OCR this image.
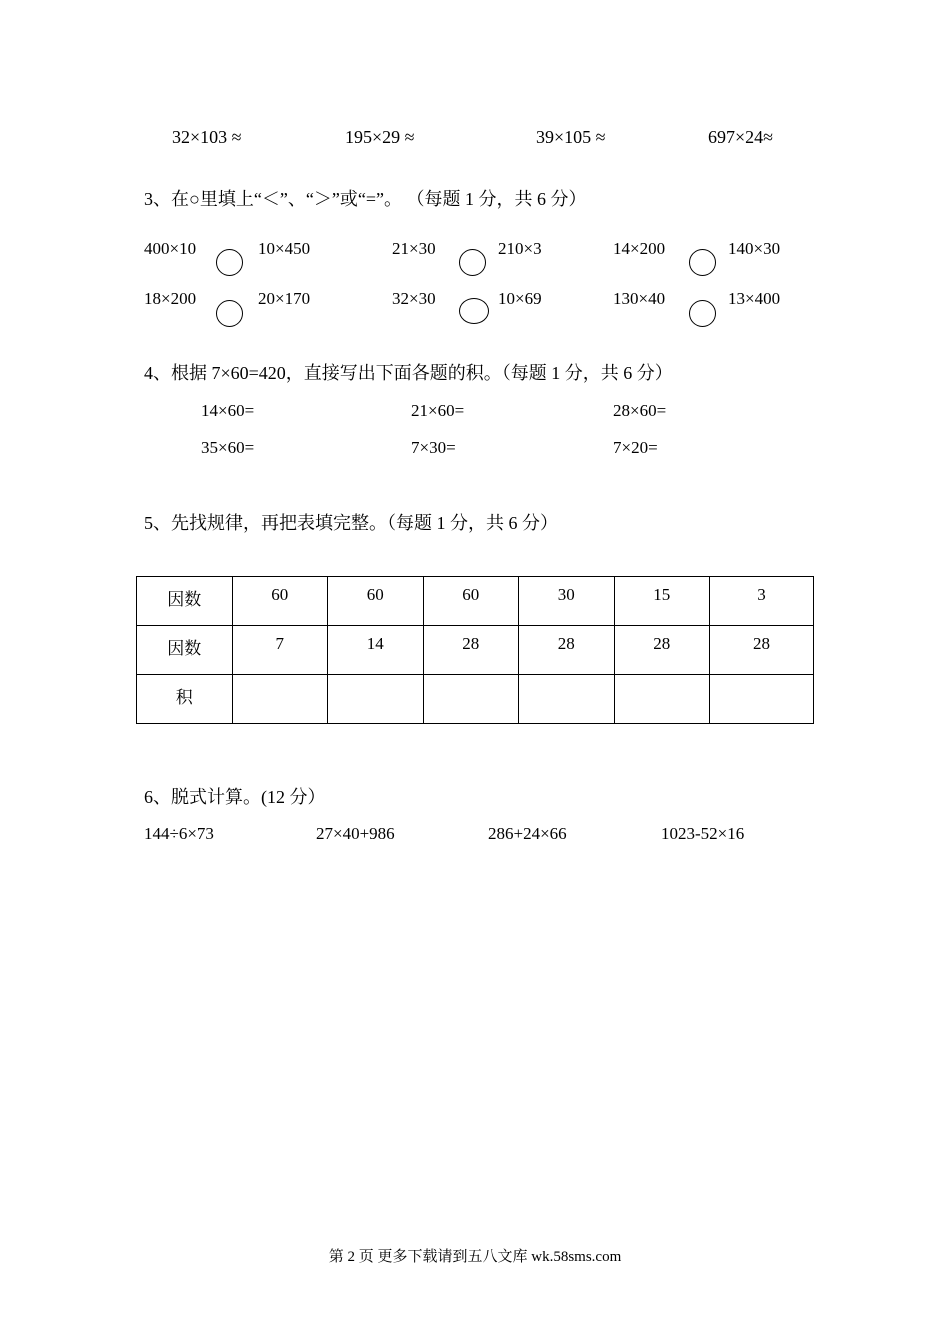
32×103 ≈	195×29 ≈	39×105 ≈	697×24≈
3、在○里填上“＜”、“＞”或“=”。 （每题 1 分，共 6 分）
400×10	10×450	21×30	210×3	14×200	140×30
18×200	20×170	32×30	10×69	130×40	13×400
4、根据 7×60=420，直接写出下面各题的积。（每题 1 分，共 6 分）
14×60=	21×60=	28×60=
35×60=	7×30=	7×20=
5、先找规律，再把表填完整。（每题 1 分，共 6 分）
因数	60	60	60	30	15	3
因数	7	14	28	28	28	28
积						
6、脱式计算。(12 分）
144÷6×73	27×40+986	286+24×66	1023-52×16
第 2 页 更多下载请到五八文库 wk.58sms.com
